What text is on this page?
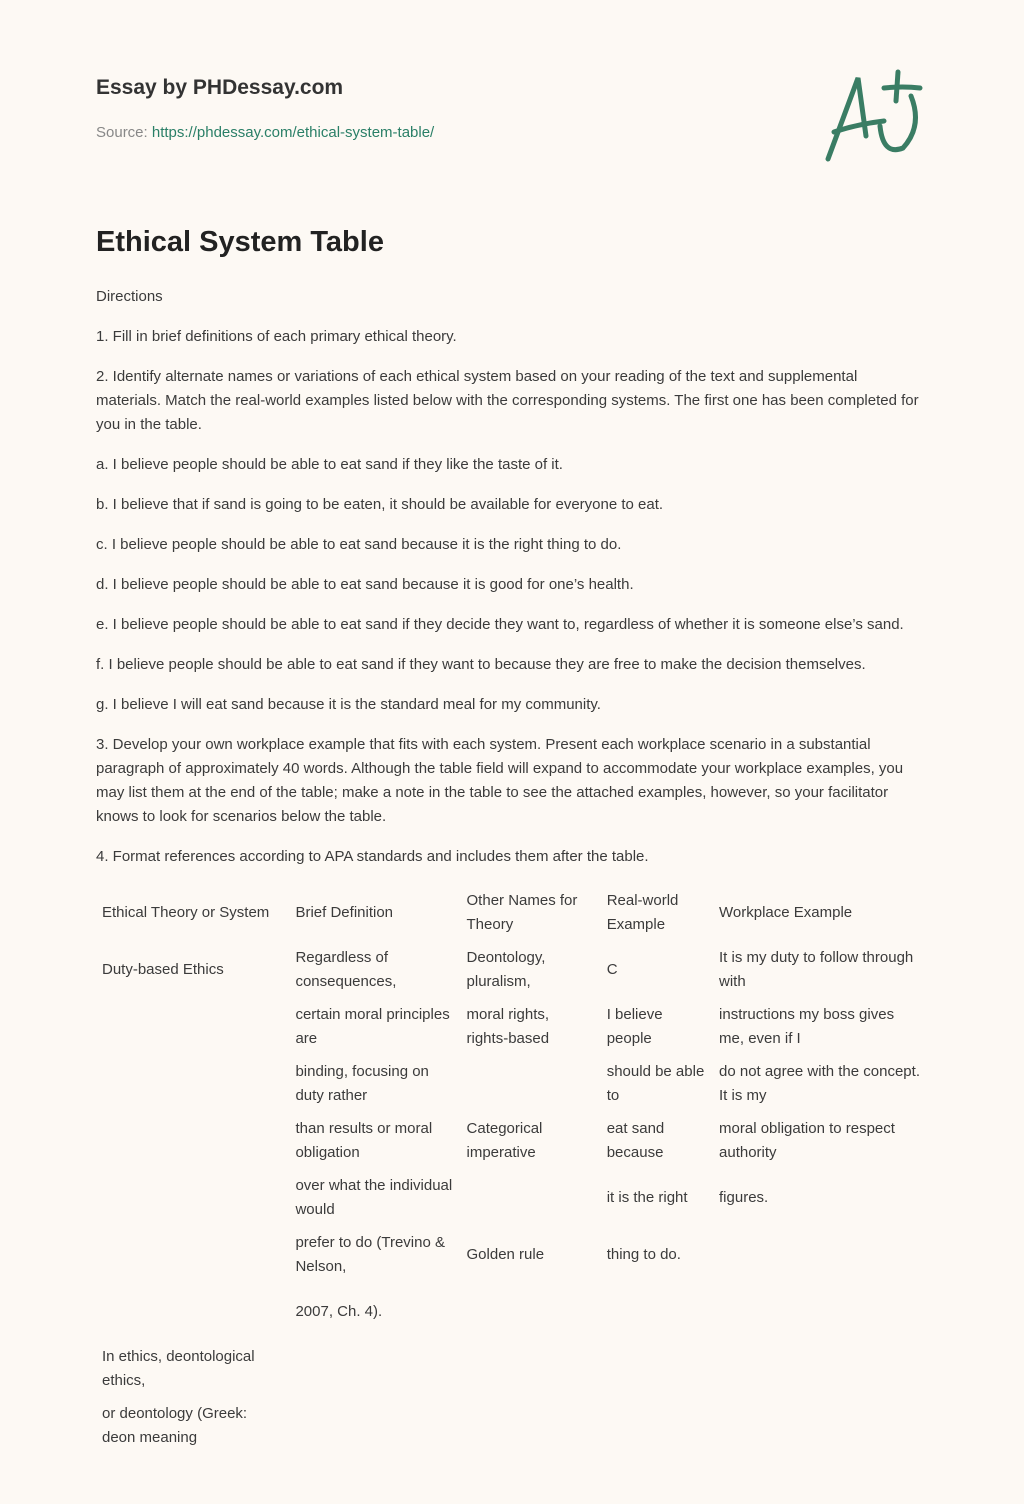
Essay by PHDessay.com
Source: https://phdessay.com/ethical-system-table/
Ethical System Table

Directions

1. Fill in brief definitions of each primary ethical theory.

2. Identify alternate names or variations of each ethical system based on your reading of the text and supplemental materials. Match the real-world examples listed below with the corresponding systems. The first one has been completed for you in the table.

a. I believe people should be able to eat sand if they like the taste of it.

b. I believe that if sand is going to be eaten, it should be available for everyone to eat.

c. I believe people should be able to eat sand because it is the right thing to do.

d. I believe people should be able to eat sand because it is good for one’s health.

e. I believe people should be able to eat sand if they decide they want to, regardless of whether it is someone else’s sand.

f. I believe people should be able to eat sand if they want to because they are free to make the decision themselves.

g. I believe I will eat sand because it is the standard meal for my community.

3. Develop your own workplace example that fits with each system. Present each workplace scenario in a substantial paragraph of approximately 40 words. Although the table field will expand to accommodate your workplace examples, you may list them at the end of the table; make a note in the table to see the attached examples, however, so your facilitator knows to look for scenarios below the table.

4. Format references according to APA standards and includes them after the table.

Ethical Theory or System	Brief Definition	Other Names for Theory	Real-world Example	Workplace Example
Duty-based Ethics	Regardless of consequences,	Deontology, pluralism,	C	It is my duty to follow through with
	certain moral principles are	moral rights, rights-based	I believe people	instructions my boss gives me, even if I
	binding, focusing on duty rather		should be able to	do not agree with the concept. It is my
	than results or moral obligation	Categorical imperative	eat sand because	moral obligation to respect authority
	over what the individual would		it is the right	figures.
	prefer to do (Trevino & Nelson,	Golden rule	thing to do.	
	2007, Ch. 4).			
In ethics, deontological ethics,				
or deontology (Greek: deon meaning				
